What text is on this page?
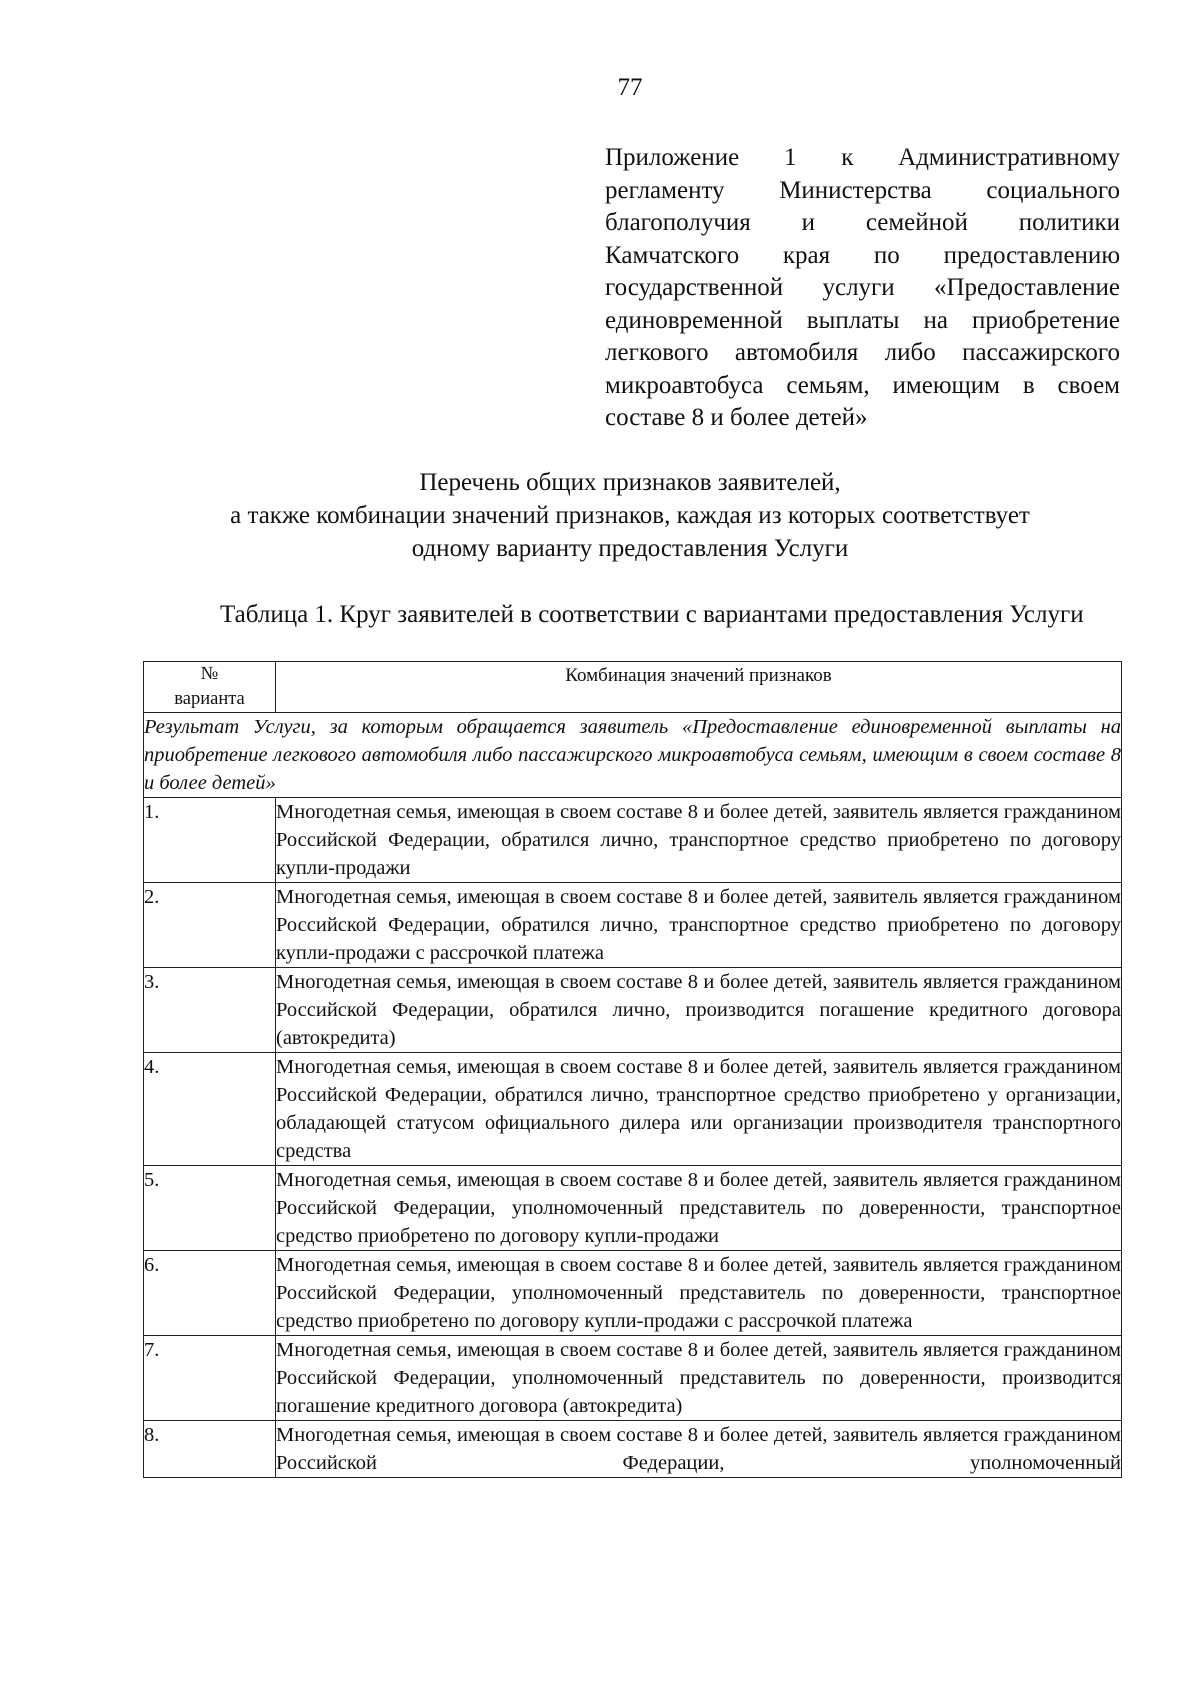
77
Приложение 1 к Административному регламенту Министерства социального благополучия и семейной политики Камчатского края по предоставлению государственной услуги «Предоставление единовременной выплаты на приобретение легкового автомобиля либо пассажирского микроавтобуса семьям, имеющим в своем составе 8 и более детей»
Перечень общих признаков заявителей,
а также комбинации значений признаков, каждая из которых соответствует
одному варианту предоставления Услуги
Таблица 1. Круг заявителей в соответствии с вариантами предоставления Услуги
№
варианта	Комбинация значений признаков
Результат Услуги, за которым обращается заявитель «Предоставление единовременной выплаты на приобретение легкового автомобиля либо пассажирского микроавтобуса семьям, имеющим в своем составе 8 и более детей»	
1.	Многодетная семья, имеющая в своем составе 8 и более детей, заявитель является гражданином Российской Федерации, обратился лично, транспортное средство приобретено по договору купли-продажи
2.	Многодетная семья, имеющая в своем составе 8 и более детей, заявитель является гражданином Российской Федерации, обратился лично, транспортное средство приобретено по договору купли-продажи с рассрочкой платежа
3.	Многодетная семья, имеющая в своем составе 8 и более детей, заявитель является гражданином Российской Федерации, обратился лично, производится погашение кредитного договора (автокредита)
4.	Многодетная семья, имеющая в своем составе 8 и более детей, заявитель является гражданином Российской Федерации, обратился лично, транспортное средство приобретено у организации, обладающей статусом официального дилера или организации производителя транспортного средства
5.	Многодетная семья, имеющая в своем составе 8 и более детей, заявитель является гражданином Российской Федерации, уполномоченный представитель по доверенности, транспортное средство приобретено по договору купли-продажи
6.	Многодетная семья, имеющая в своем составе 8 и более детей, заявитель является гражданином Российской Федерации, уполномоченный представитель по доверенности, транспортное средство приобретено по договору купли-продажи с рассрочкой платежа
7.	Многодетная семья, имеющая в своем составе 8 и более детей, заявитель является гражданином Российской Федерации, уполномоченный представитель по доверенности, производится погашение кредитного договора (автокредита)
8.	Многодетная семья, имеющая в своем составе 8 и более детей, заявитель является гражданином Российской Федерации, уполномоченный
